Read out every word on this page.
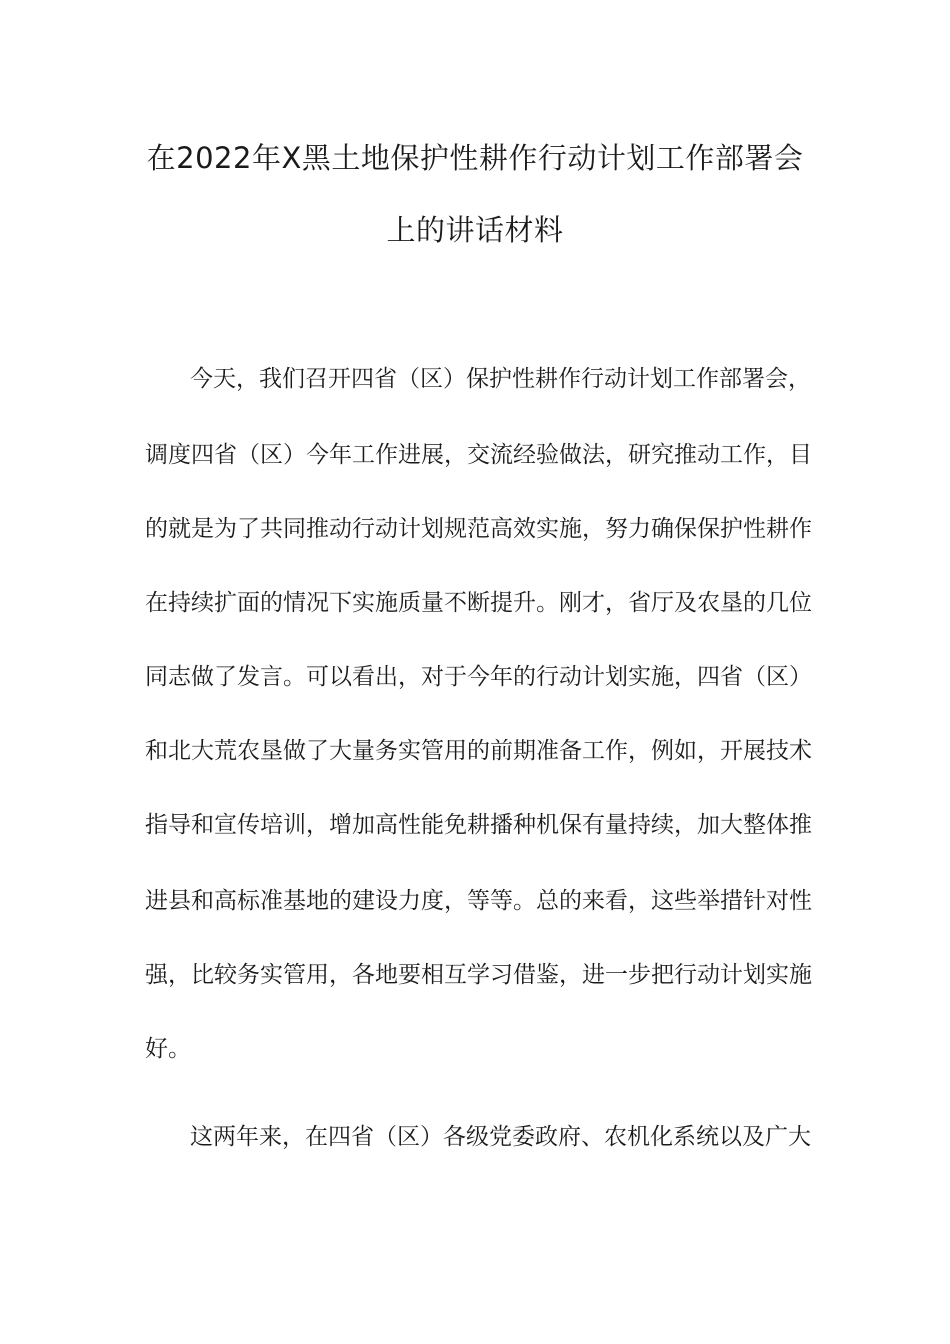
在2022年X黑土地保护性耕作行动计划工作部署会
上的讲话材料
今天，我们召开四省（区）保护性耕作行动计划工作部署会，
调度四省（区）今年工作进展，交流经验做法，研究推动工作，目
的就是为了共同推动行动计划规范高效实施，努力确保保护性耕作
在持续扩面的情况下实施质量不断提升。刚才，省厅及农垦的几位
同志做了发言。可以看出，对于今年的行动计划实施，四省（区）
和北大荒农垦做了大量务实管用的前期准备工作，例如，开展技术
指导和宣传培训，增加高性能免耕播种机保有量持续，加大整体推
进县和高标准基地的建设力度，等等。总的来看，这些举措针对性
强，比较务实管用，各地要相互学习借鉴，进一步把行动计划实施
好。
这两年来，在四省（区）各级党委政府、农机化系统以及广大
